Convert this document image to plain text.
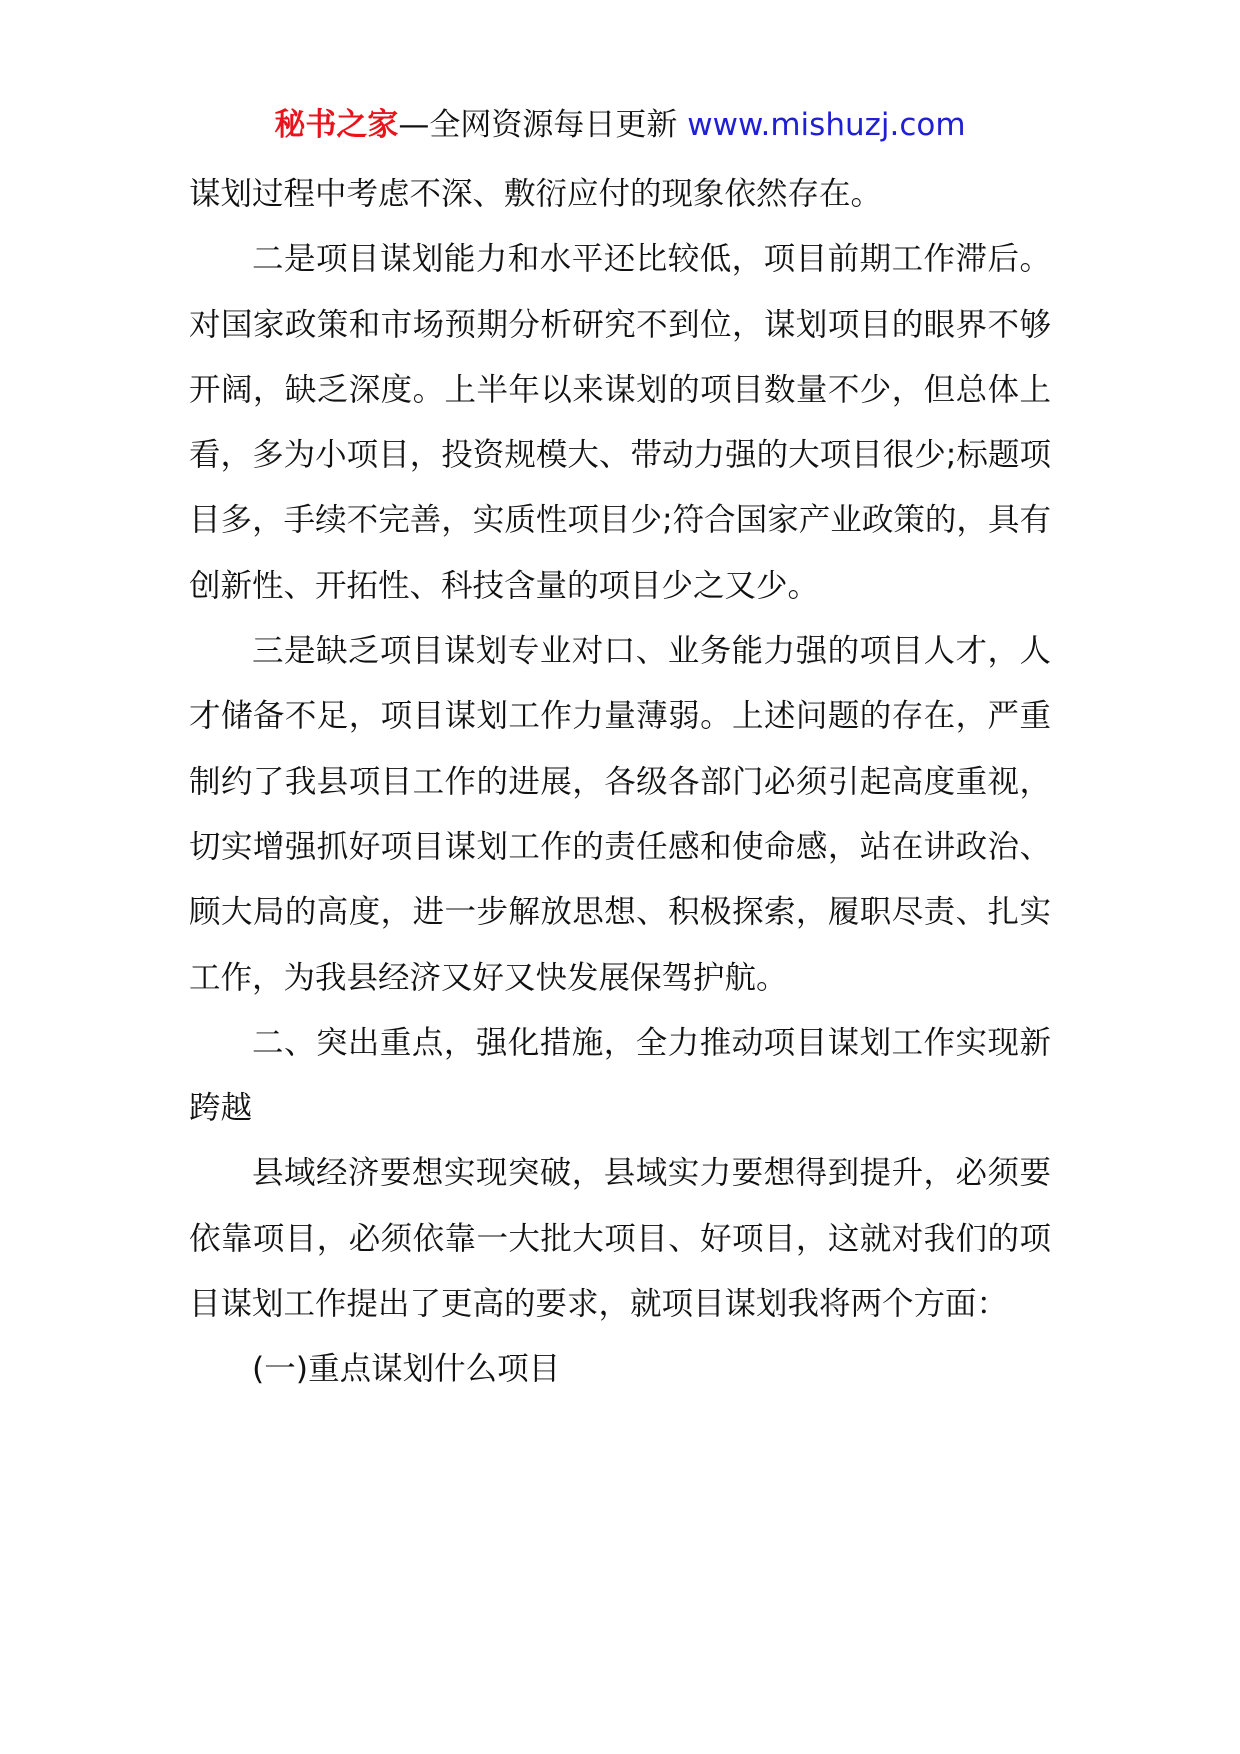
秘书之家—全网资源每日更新 www.mishuzj.com

谋划过程中考虑不深、敷衍应付的现象依然存在。

二是项目谋划能力和水平还比较低，项目前期工作滞后。对国家政策和市场预期分析研究不到位，谋划项目的眼界不够开阔，缺乏深度。上半年以来谋划的项目数量不少，但总体上看，多为小项目，投资规模大、带动力强的大项目很少;标题项目多，手续不完善，实质性项目少;符合国家产业政策的，具有创新性、开拓性、科技含量的项目少之又少。

三是缺乏项目谋划专业对口、业务能力强的项目人才，人才储备不足，项目谋划工作力量薄弱。上述问题的存在，严重制约了我县项目工作的进展，各级各部门必须引起高度重视，切实增强抓好项目谋划工作的责任感和使命感，站在讲政治、顾大局的高度，进一步解放思想、积极探索，履职尽责、扎实工作，为我县经济又好又快发展保驾护航。

二、突出重点，强化措施，全力推动项目谋划工作实现新跨越

县域经济要想实现突破，县域实力要想得到提升，必须要依靠项目，必须依靠一大批大项目、好项目，这就对我们的项目谋划工作提出了更高的要求，就项目谋划我将两个方面：

(一)重点谋划什么项目
